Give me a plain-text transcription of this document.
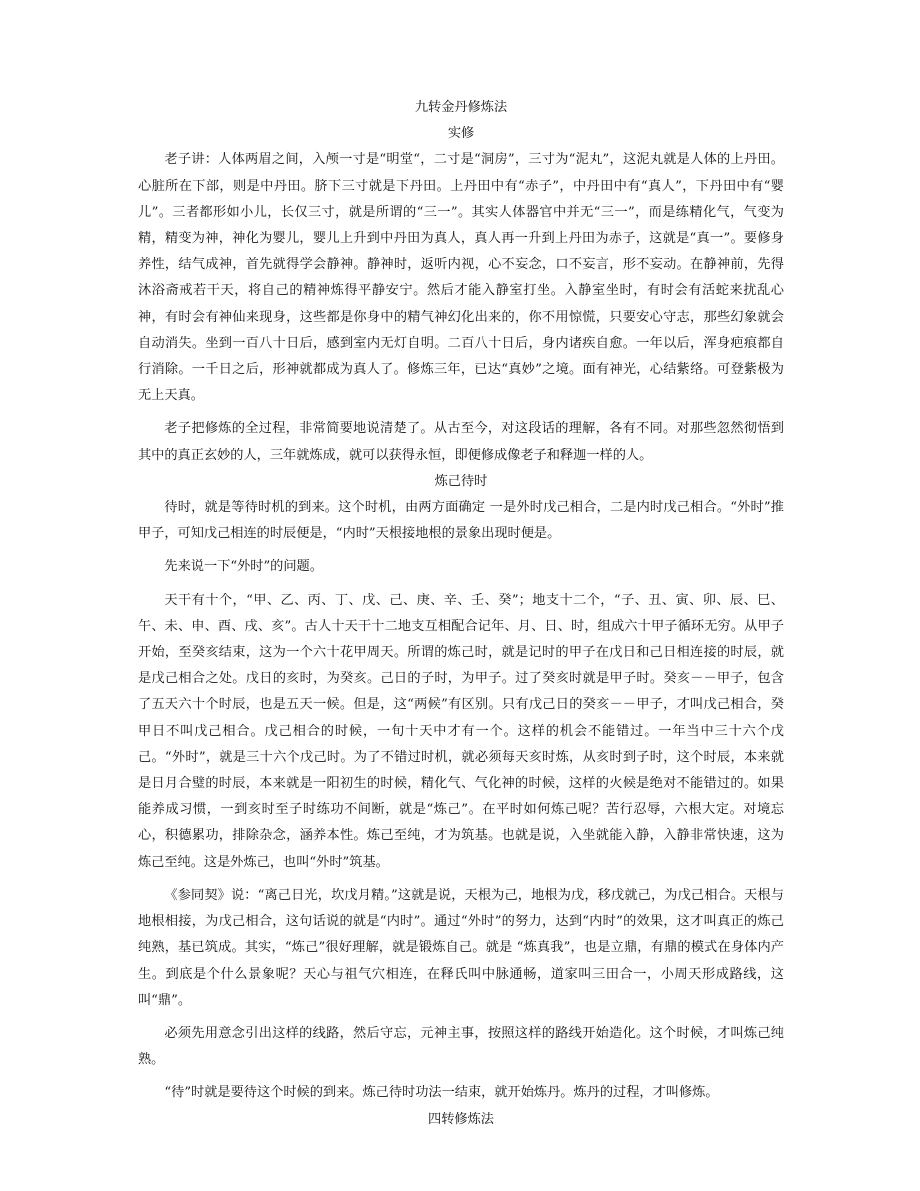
九转金丹修炼法
实修

老子讲：人体两眉之间，入颅一寸是“明堂“，二寸是“洞房”，三寸为“泥丸”，这泥丸就是人体的上丹田。心脏所在下部，则是中丹田。脐下三寸就是下丹田。上丹田中有“赤子”，中丹田中有“真人”，下丹田中有“婴儿”。三者都形如小儿，长仅三寸，就是所谓的“三一”。其实人体器官中并无“三一”，而是练精化气，气变为精，精变为神，神化为婴儿，婴儿上升到中丹田为真人，真人再一升到上丹田为赤子，这就是“真一”。要修身养性，结气成神，首先就得学会静神。静神时，返听内视，心不妄念，口不妄言，形不妄动。在静神前，先得沐浴斋戒若干天，将自己的精神炼得平静安宁。然后才能入静室打坐。入静室坐时，有时会有活蛇来扰乱心神，有时会有神仙来现身，这些都是你身中的精气神幻化出来的，你不用惊慌，只要安心守志，那些幻象就会自动消失。坐到一百八十日后，感到室内无灯自明。二百八十日后，身内诸疾自愈。一年以后，浑身疤痕都自行消除。一千日之后，形神就都成为真人了。修炼三年，已达“真妙”之境。面有神光，心结紫络。可登紫极为无上天真。

老子把修炼的全过程，非常简要地说清楚了。从古至今，对这段话的理解，各有不同。对那些忽然彻悟到其中的真正玄妙的人，三年就炼成，就可以获得永恒，即便修成像老子和释迦一样的人。

炼己待时

待时，就是等待时机的到来。这个时机，由两方面确定 一是外时戊己相合，二是内时戊己相合。“外时”推甲子，可知戊己相连的时辰便是，“内时”天根接地根的景象出现时便是。

先来说一下“外时”的问题。

天干有十个，“甲、乙、丙、丁、戊、己、庚、辛、壬、癸”；地支十二个，“子、丑、寅、卯、辰、巳、午、未、申、酉、戌、亥”。古人十天干十二地支互相配合记年、月、日、时，组成六十甲子循环无穷。从甲子开始，至癸亥结束，这为一个六十花甲周天。所谓的炼己时，就是记时的甲子在戊日和己日相连接的时辰，就是戊己相合之处。戊日的亥时，为癸亥。己日的子时，为甲子。过了癸亥时就是甲子时。癸亥－－甲子，包含了五天六十个时辰，也是五天一候。但是，这“两候”有区别。只有戊己日的癸亥－－甲子，才叫戊己相合，癸甲日不叫戊己相合。戊己相合的时候，一旬十天中才有一个。这样的机会不能错过。一年当中三十六个戊己。“外时”，就是三十六个戊己时。为了不错过时机，就必须每天亥时炼，从亥时到子时，这个时辰，本来就是日月合璧的时辰，本来就是一阳初生的时候，精化气、气化神的时候，这样的火候是绝对不能错过的。如果能养成习惯，一到亥时至子时练功不间断，就是“炼己”。在平时如何炼己呢？苦行忍辱，六根大定。对境忘心，积德累功，排除杂念，涵养本性。炼己至纯，才为筑基。也就是说，入坐就能入静，入静非常快速，这为炼己至纯。这是外炼己，也叫“外时”筑基。

《参同契》说：“离己日光，坎戊月精。”这就是说，天根为己，地根为戊，移戊就己，为戊己相合。天根与地根相接，为戊己相合，这句话说的就是“内时”。通过“外时”的努力，达到“内时”的效果，这才叫真正的炼己纯熟，基已筑成。其实，“炼己”很好理解，就是锻炼自己。就是 “炼真我”，也是立鼎，有鼎的模式在身体内产生。到底是个什么景象呢？天心与祖气穴相连，在释氏叫中脉通畅，道家叫三田合一，小周天形成路线，这叫“鼎”。

必须先用意念引出这样的线路，然后守忘，元神主事，按照这样的路线开始造化。这个时候，才叫炼己纯熟。

“待”时就是要待这个时候的到来。炼己待时功法一结束，就开始炼丹。炼丹的过程，才叫修炼。

四转修炼法
